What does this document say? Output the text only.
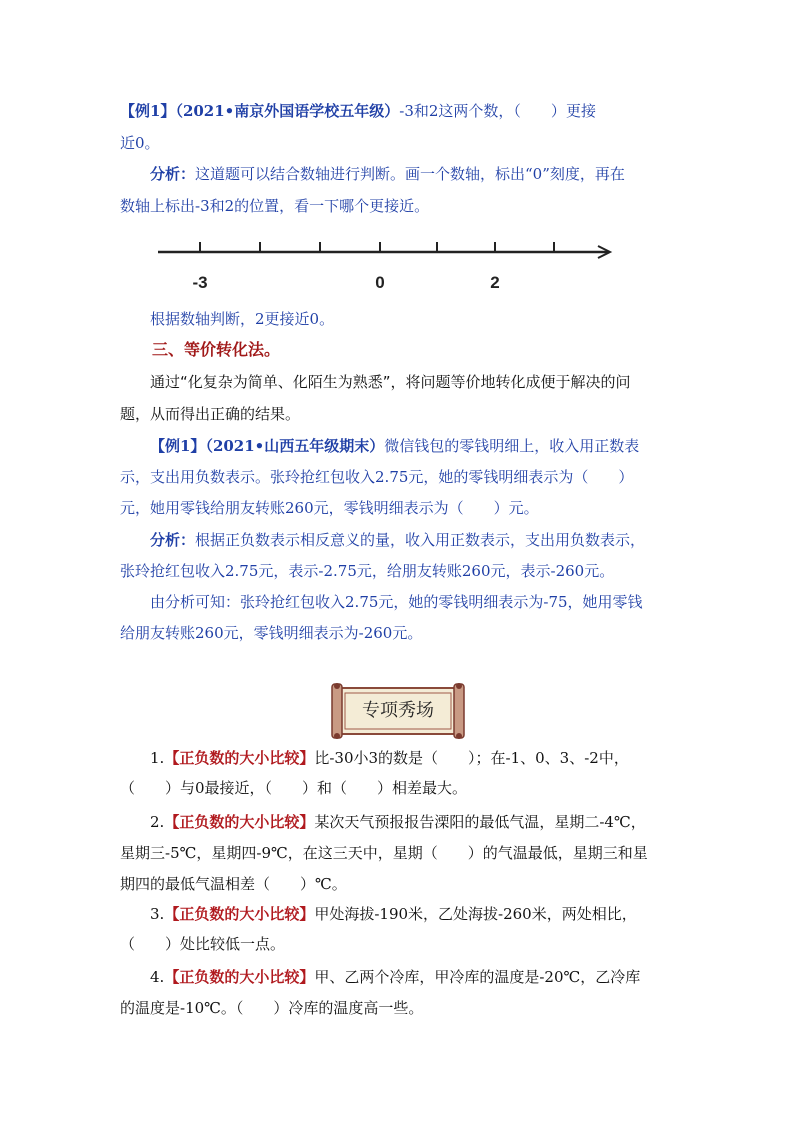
【例1】（2021•南京外国语学校五年级）-3和2这两个数，（　　）更接

近0。

分析：这道题可以结合数轴进行判断。画一个数轴，标出“0”刻度，再在

数轴上标出-3和2的位置，看一下哪个更接近。

-3	0	2

根据数轴判断，2更接近0。

三、等价转化法。

通过“化复杂为简单、化陌生为熟悉”，将问题等价地转化成便于解决的问

题，从而得出正确的结果。

【例1】（2021•山西五年级期末）微信钱包的零钱明细上，收入用正数表

示，支出用负数表示。张玲抢红包收入2.75元，她的零钱明细表示为（　　）

元，她用零钱给朋友转账260元，零钱明细表示为（　　）元。

分析：根据正负数表示相反意义的量，收入用正数表示，支出用负数表示，

张玲抢红包收入2.75元，表示-2.75元，给朋友转账260元，表示-260元。

由分析可知：张玲抢红包收入2.75元，她的零钱明细表示为-75，她用零钱

给朋友转账260元，零钱明细表示为-260元。

专项秀场

1.【正负数的大小比较】比-30小3的数是（　　）；在-1、0、3、-2中，

（　　）与0最接近，（　　）和（　　）相差最大。

2.【正负数的大小比较】某次天气预报报告溧阳的最低气温，星期二-4℃，

星期三-5℃，星期四-9℃，在这三天中，星期（　　）的气温最低，星期三和星

期四的最低气温相差（　　）℃。

3.【正负数的大小比较】甲处海拔-190米，乙处海拔-260米，两处相比，

（　　）处比较低一点。

4.【正负数的大小比较】甲、乙两个冷库，甲冷库的温度是-20℃，乙冷库

的温度是-10℃。（　　）冷库的温度高一些。
